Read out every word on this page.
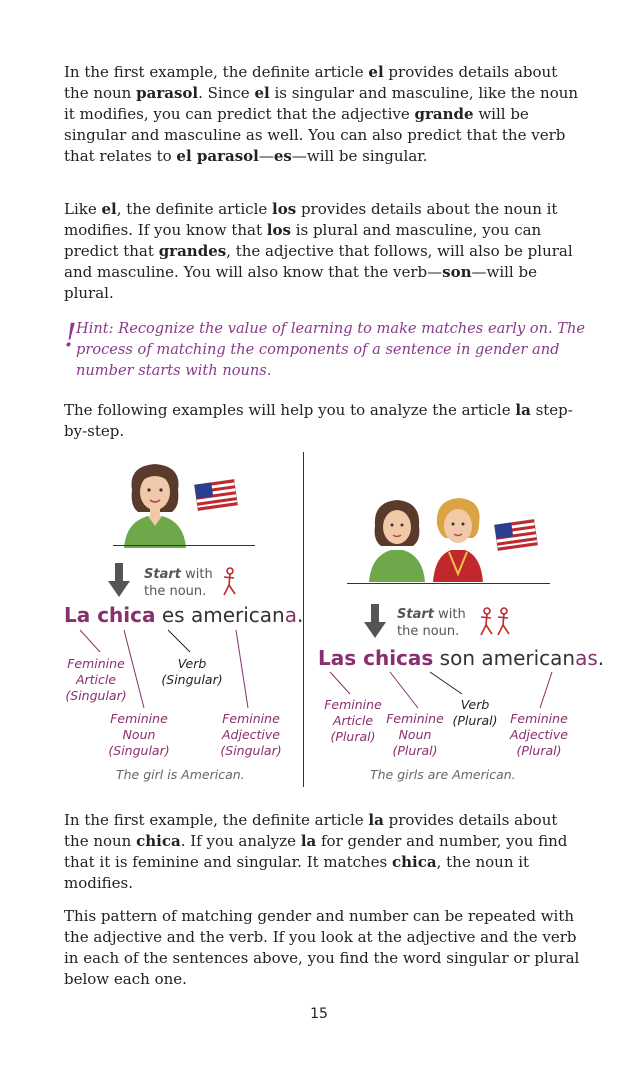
In the first example, the definite article el provides details about the noun parasol. Since el is singular and masculine, like the noun it modifies, you can predict that the adjective grande will be singular and masculine as well. You can also predict that the verb that relates to el parasol—es—will be singular.
Like el, the definite article los provides details about the noun it modifies. If you know that los is plural and masculine, you can predict that grandes, the adjective that follows, will also be plural and masculine. You will also know that the verb—son—will be plural.
! Hint: Recognize the value of learning to make matches early on. The process of matching the components of a sentence in gender and number starts with nouns.
The following examples will help you to analyze the article la step-by-step.
Start with
the noun.
La chica es americana.
Feminine
Article
(Singular)
Verb
(Singular)
Feminine
Noun
(Singular)
Feminine
Adjective
(Singular)
The girl is American.
Start with
the noun.
Las chicas son americanas.
Feminine
Article
(Plural)
Feminine
Noun
(Plural)
Verb
(Plural)	Feminine
Adjective
(Plural)
The girls are American.
In the first example, the definite article la provides details about the noun chica. If you analyze la for gender and number, you find that it is feminine and singular. It matches chica, the noun it modifies.
This pattern of matching gender and number can be repeated with the adjective and the verb. If you look at the adjective and the verb in each of the sentences above, you find the word singular or plural below each one.
15
